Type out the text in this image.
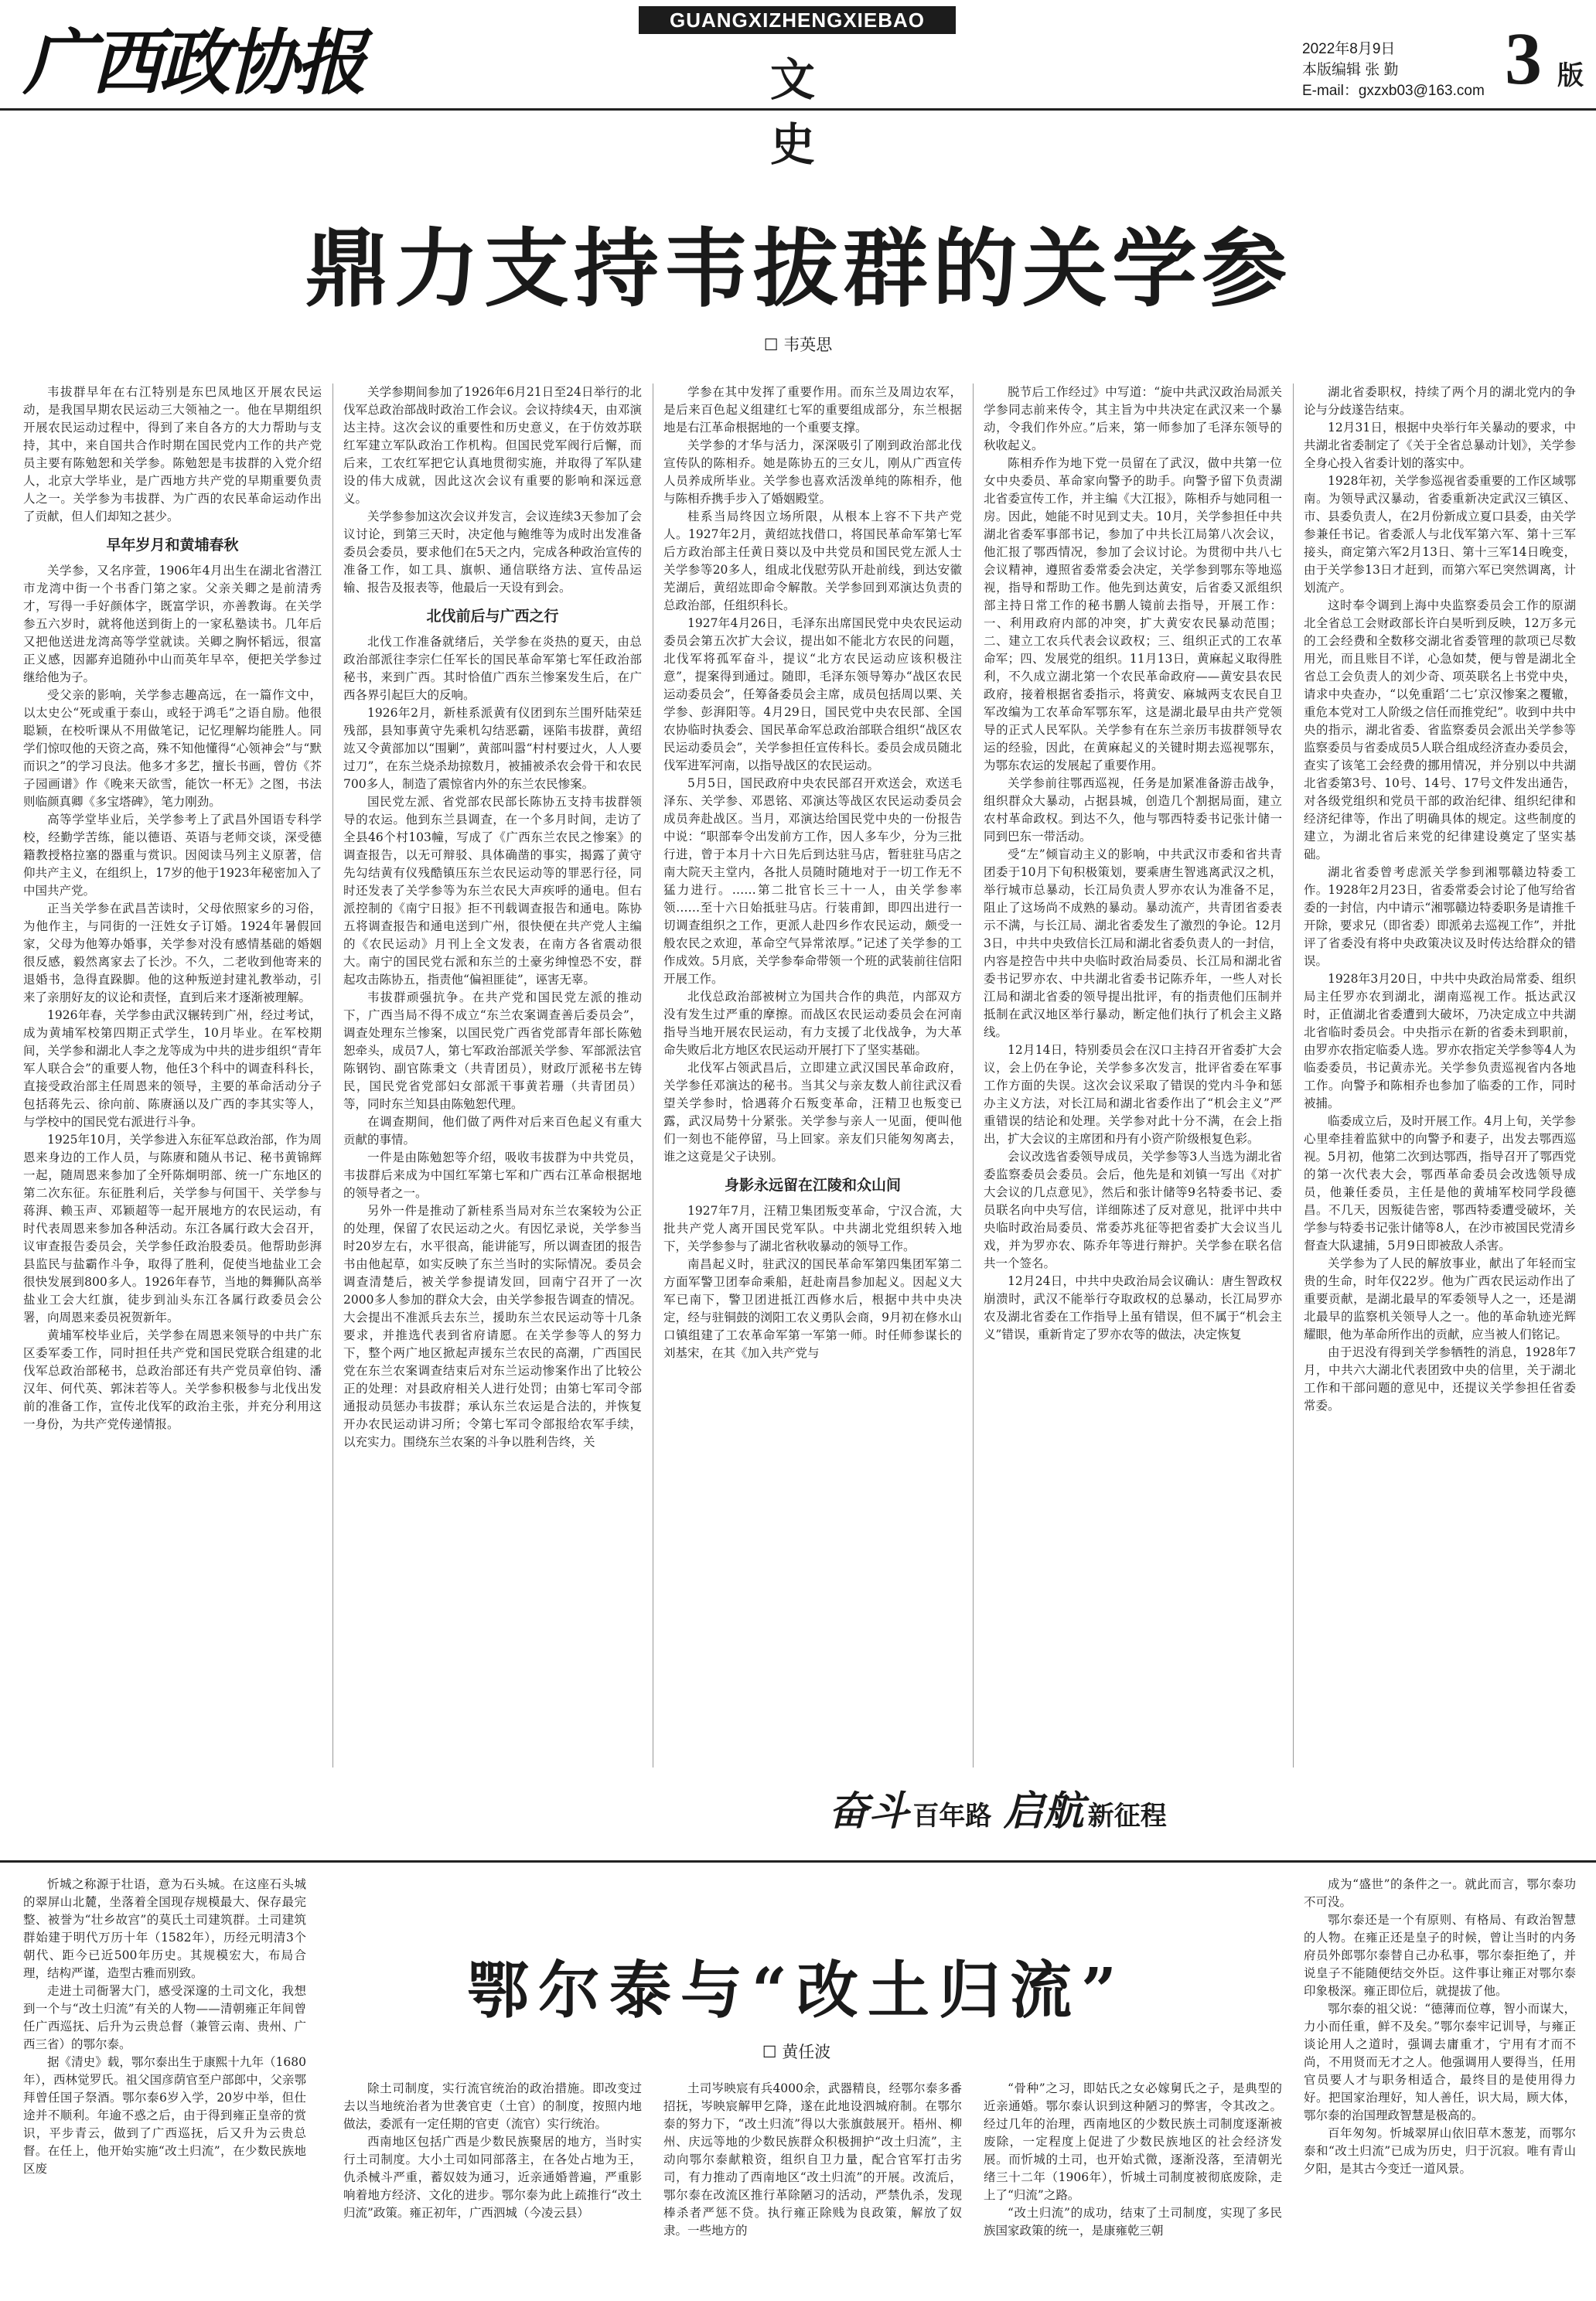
广西政协报
GUANGXIZHENGXIEBAO
文 史
2022年8月9日
本版编辑 张 勤
E-mail：gxzxb03@163.com 3 版
鼎力支持韦拔群的关学参
☐ 韦英思

韦拔群早年在右江特别是东巴凤地区开展农民运动，是我国早期农民运动三大领袖之一。他在早期组织开展农民运动过程中，得到了来自各方的大力帮助与支持，其中，来自国共合作时期在国民党内工作的共产党员主要有陈勉恕和关学参。陈勉恕是韦拔群的入党介绍人，北京大学毕业，是广西地方共产党的早期重要负责人之一。关学参为韦拔群、为广西的农民革命运动作出了贡献，但人们却知之甚少。

早年岁月和黄埔春秋

关学参，又名序萱，1906年4月出生在湖北省潜江市龙湾中街一个书香门第之家。父亲关卿之是前清秀才，写得一手好颜体字，既富学识，亦善教诲。在关学参五六岁时，就将他送到街上的一家私塾读书。几年后又把他送进龙湾高等学堂就读。关卿之胸怀韬远，很富正义感，因鄙弃追随孙中山而英年早卒，便把关学参过继给他为子。

受父亲的影响，关学参志趣高远，在一篇作文中，以太史公“死或重于泰山，或轻于鸿毛”之语自励。他很聪颖，在校听课从不用做笔记，记忆理解均能胜人。同学们惊叹他的天资之高，殊不知他懂得“心领神会”与“默而识之”的学习良法。他多才多艺，擅长书画，曾仿《芥子园画谱》作《晚来天欲雪，能饮一杯无》之图，书法则临颜真卿《多宝塔碑》，笔力刚劲。

高等学堂毕业后，关学参考上了武昌外国语专科学校，经勤学苦练，能以德语、英语与老师交谈，深受德籍教授格拉塞的器重与赏识。因阅读马列主义原著，信仰共产主义，在组织上，17岁的他于1923年秘密加入了中国共产党。

正当关学参在武昌苦读时，父母依照家乡的习俗，为他作主，与同街的一汪姓女子订婚。1924年暑假回家，父母为他筹办婚事，关学参对没有感情基础的婚姻很反感，毅然离家去了长沙。不久，二老收到他寄来的退婚书，急得直跺脚。他的这种叛逆封建礼教举动，引来了亲朋好友的议论和责怪，直到后来才逐渐被理解。

1926年春，关学参由武汉辗转到广州，经过考试，成为黄埔军校第四期正式学生，10月毕业。在军校期间，关学参和湖北人李之龙等成为中共的进步组织“青年军人联合会”的重要人物，他任3个科中的调查科科长，直接受政治部主任周恩来的领导，主要的革命活动分子包括蒋先云、徐向前、陈赓涵以及广西的李其实等人，与学校中的国民党右派进行斗争。

1925年10月，关学参进入东征军总政治部，作为周恩来身边的工作人员，与陈赓和随从书记、秘书黄锦辉一起，随周恩来参加了全歼陈炯明部、统一广东地区的第二次东征。东征胜利后，关学参与何国干、关学参与蒋湃、赖玉声、邓颖超等一起开展地方的农民运动，有时代表周恩来参加各种活动。东江各属行政大会召开，议审查报告委员会，关学参任政治股委员。他帮助彭湃县监民与盐霸作斗争，取得了胜利，促使当地盐业工会很快发展到800多人。1926年春节，当地的舞狮队高举盐业工会大红旗，徒步到汕头东江各属行政委员会公署，向周恩来委员祝贺新年。

黄埔军校毕业后，关学参在周恩来领导的中共广东区委军委工作，同时担任共产党和国民党联合组建的北伐军总政治部秘书，总政治部还有共产党员章伯钧、潘汉年、何代英、郭沫若等人。关学参积极参与北伐出发前的准备工作，宣传北伐军的政治主张，并充分利用这一身份，为共产党传递情报。

关学参期间参加了1926年6月21日至24日举行的北伐军总政治部战时政治工作会议。会议持续4天，由邓演达主持。这次会议的重要性和历史意义，在于仿效苏联红军建立军队政治工作机构。但国民党军阀行后懈，而后来，工农红军把它认真地贯彻实施，并取得了军队建设的伟大成就，因此这次会议有重要的影响和深远意义。

关学参参加这次会议并发言，会议连续3天参加了会议讨论，到第三天时，决定他与鲍维等为成时出发准备委员会委员，要求他们在5天之内，完成各种政治宣传的准备工作，如工具、旗帜、通信联络方法、宣传品运输、报告及报表等，他最后一天设有到会。

北伐前后与广西之行

北伐工作准备就绪后，关学参在炎热的夏天，由总政治部派往李宗仁任军长的国民革命军第七军任政治部秘书，来到广西。其时恰值广西东兰惨案发生后，在广西各界引起巨大的反响。

1926年2月，新桂系派黄有仪团到东兰围歼陆荣廷残部，县知事黄守先乘机勾结恶霸，诬陷韦拔群，黄绍竑又令黄部加以“围剿”，黄部叫嚣“村村要过火，人人要过刀”，在东兰烧杀劫掠数月，被捕被杀农会骨干和农民700多人，制造了震惊省内外的东兰农民惨案。

国民党左派、省党部农民部长陈协五支持韦拔群领导的农运。他到东兰县调查，在一个多月时间，走访了全县46个村103幢，写成了《广西东兰农民之惨案》的调查报告，以无可辩驳、具体确凿的事实，揭露了黄守先勾结黄有仪残酷镇压东兰农民运动等的罪恶行径，同时还发表了关学参等为东兰农民大声疾呼的通电。但右派控制的《南宁日报》拒不刊载调查报告和通电。陈协五将调查报告和通电送到广州，很快便在共产党人主编的《农民运动》月刊上全文发表，在南方各省震动很大。南宁的国民党右派和东兰的土豪劣绅惶恐不安，群起攻击陈协五，指责他“偏袒匪徒”，诬害无辜。

韦拔群顽强抗争。在共产党和国民党左派的推动下，广西当局不得不成立“东兰农案调查善后委员会”，调查处理东兰惨案，以国民党广西省党部青年部长陈勉恕牵头，成员7人，第七军政治部派关学参、军部派法官陈钢钧、副官陈秉文（共青团员），财政厅派秘书左铸民，国民党省党部妇女部派干事黄若珊（共青团员）等，同时东兰知县由陈勉恕代理。

在调查期间，他们做了两件对后来百色起义有重大贡献的事情。

一件是由陈勉恕等介绍，吸收韦拔群为中共党员，韦拔群后来成为中国红军第七军和广西右江革命根据地的领导者之一。

另外一件是推动了新桂系当局对东兰农案较为公正的处理，保留了农民运动之火。有因忆录说，关学参当时20岁左右，水平很高，能讲能写，所以调查团的报告书由他起草，如实反映了东兰当时的实际情况。委员会调查清楚后，被关学参提请发回，回南宁召开了一次2000多人参加的群众大会，由关学参报告调查的情况。大会提出不准派兵去东兰，援助东兰农民运动等十几条要求，并推选代表到省府请愿。在关学参等人的努力下，整个两广地区掀起声援东兰农民的高潮，广西国民党在东兰农案调查结束后对东兰运动惨案作出了比较公正的处理：对县政府相关人进行处罚；由第七军司令部通报动员惩办韦拔群；承认东兰农运是合法的，并恢复开办农民运动讲习所；令第七军司令部报给农军手续，以充实力。围绕东兰农案的斗争以胜利告终，关

学参在其中发挥了重要作用。而东兰及周边农军，是后来百色起义组建红七军的重要组成部分，东兰根据地是右江革命根据地的一个重要支撑。

关学参的才华与活力，深深吸引了刚到政治部北伐宣传队的陈相乔。她是陈协五的三女儿，刚从广西宣传人员养成所毕业。关学参也喜欢活泼单纯的陈相乔，他与陈相乔携手步入了婚姻殿堂。

桂系当局终因立场所限，从根本上容不下共产党人。1927年2月，黄绍竑找借口，将国民革命军第七军后方政治部主任黄日葵以及中共党员和国民党左派人士关学参等20多人，组成北伐慰劳队开赴前线，到达安徽芜湖后，黄绍竑即命令解散。关学参回到邓演达负责的总政治部，任组织科长。

1927年4月26日，毛泽东出席国民党中央农民运动委员会第五次扩大会议，提出如不能北方农民的问题，北伐军将孤军奋斗，提议“北方农民运动应该积极注意”，提案得到通过。随即，毛泽东领导筹办“战区农民运动委员会”，任筹备委员会主席，成员包括周以栗、关学参、彭湃阳等。4月29日，国民党中央农民部、全国农协临时执委会、国民革命军总政治部联合组织“战区农民运动委员会”，关学参担任宣传科长。委员会成员随北伐军进军河南，以指导战区的农民运动。

5月5日，国民政府中央农民部召开欢送会，欢送毛泽东、关学参、邓恩铭、邓演达等战区农民运动委员会成员奔赴战区。当月，邓演达给国民党中央的一份报告中说：“职部奉令出发前方工作，因人多车少，分为三批行进，曾于本月十六日先后到达驻马店，暂驻驻马店之南大院天主堂内，各批人员随时随地对于一切工作无不猛力进行。……第二批官长三十一人，由关学参率领……至十六日始抵驻马店。行装甫卸，即四出进行一切调查组织之工作，更派人赴四乡作农民运动，颇受一般农民之欢迎，革命空气异常浓厚。”记述了关学参的工作成效。5月底，关学参奉命带领一个班的武装前往信阳开展工作。

北伐总政治部被树立为国共合作的典范，内部双方没有发生过严重的摩擦。而战区农民运动委员会在河南指导当地开展农民运动，有力支援了北伐战争，为大革命失败后北方地区农民运动开展打下了坚实基础。

北伐军占领武昌后，立即建立武汉国民革命政府，关学参任邓演达的秘书。当其父与亲友数人前往武汉看望关学参时，恰遇蒋介石叛变革命，汪精卫也叛变已露，武汉局势十分紧张。关学参与亲人一见面，便叫他们一刻也不能停留，马上回家。亲友们只能匆匆离去，谁之这竟是父子诀别。

身影永远留在江陵和众山间

1927年7月，汪精卫集团叛变革命，宁汉合流，大批共产党人离开国民党军队。中共湖北党组织转入地下，关学参参与了湖北省秋收暴动的领导工作。

南昌起义时，驻武汉的国民革命军第四集团军第二方面军警卫团奉命乘船，赶赴南昌参加起义。因起义大军已南下，警卫团进抵江西修水后，根据中共中央决定，经与驻铜鼓的浏阳工农义勇队会商，9月初在修水山口镇组建了工农革命军第一军第一师。时任师参谋长的刘基宋，在其《加入共产党与

脱节后工作经过》中写道：“旋中共武汉政治局派关学参同志前来传令，其主旨为中共决定在武汉来一个暴动，令我们作外应。”后来，第一师参加了毛泽东领导的秋收起义。

陈相乔作为地下党一员留在了武汉，做中共第一位女中央委员、革命家向警予的助手。向警予留下负责湖北省委宣传工作，并主编《大江报》，陈相乔与她同租一房。因此，她能不时见到丈夫。10月，关学参担任中共湖北省委军事部书记，参加了中共长江局第八次会议，他汇报了鄂西情况，参加了会议讨论。为贯彻中共八七会议精神，遵照省委常委会决定，关学参到鄂东等地巡视，指导和帮助工作。他先到达黄安，后省委又派组织部主持日常工作的秘书鹏人镜前去指导，开展工作：一、利用政府内部的冲突，扩大黄安农民暴动范围；二、建立工农兵代表会议政权；三、组织正式的工农革命军；四、发展党的组织。11月13日，黄麻起义取得胜利，不久成立湖北第一个农民革命政府——黄安县农民政府，接着根据省委指示，将黄安、麻城两支农民自卫军改编为工农革命军鄂东军，这是湖北最早由共产党领导的正式人民军队。关学参有在东兰亲历韦拔群领导农运的经验，因此，在黄麻起义的关键时期去巡视鄂东，为鄂东农运的发展起了重要作用。

关学参前往鄂西巡视，任务是加紧准备游击战争，组织群众大暴动，占据县城，创造几个割据局面，建立农村革命政权。到达不久，他与鄂西特委书记张计储一同到巴东一带活动。

受“左”倾盲动主义的影响，中共武汉市委和省共青团委于10月下旬积极策划，要乘唐生智逃离武汉之机，举行城市总暴动，长江局负责人罗亦农认为准备不足，阻止了这场尚不成熟的暴动。暴动流产，共青团省委表示不满，与长江局、湖北省委发生了激烈的争论。12月3日，中共中央致信长江局和湖北省委负责人的一封信，内容是控告中共中央临时政治局委员、长江局和湖北省委书记罗亦农、中共湖北省委书记陈乔年，一些人对长江局和湖北省委的领导提出批评，有的指责他们压制并抵制在武汉地区举行暴动，断定他们执行了机会主义路线。

12月14日，特别委员会在汉口主持召开省委扩大会议，会上仍在争论，关学参多次发言，批评省委在军事工作方面的失误。这次会议采取了错误的党内斗争和惩办主义方法，对长江局和湖北省委作出了“机会主义”严重错误的结论和处理。关学参对此十分不满，在会上指出，扩大会议的主席团和丹有小资产阶级根复色彩。

会议改选省委领导成员，关学参等3人当选为湖北省委监察委员会委员。会后，他先是和刘镇一写出《对扩大会议的几点意见》，然后和张计储等9名特委书记、委员联名向中央写信，详细陈述了反对意见，批评中共中央临时政治局委员、常委苏兆征等把省委扩大会议当儿戏，并为罗亦农、陈乔年等进行辩护。关学参在联名信共一个签名。

12月24日，中共中央政治局会议确认：唐生智政权崩溃时，武汉不能举行夺取政权的总暴动，长江局罗亦农及湖北省委在工作指导上虽有错误，但不属于“机会主义”错误，重新肯定了罗亦农等的做法，决定恢复

湖北省委职权，持续了两个月的湖北党内的争论与分歧遂告结束。

12月31日，根据中央举行年关暴动的要求，中共湖北省委制定了《关于全省总暴动计划》，关学参全身心投入省委计划的落实中。

1928年初，关学参巡视省委重要的工作区域鄂南。为领导武汉暴动，省委重新决定武汉三镇区、市、县委负责人，在2月份新成立夏口县委，由关学参兼任书记。省委派人与北伐军第六军、第十三军接头，商定第六军2月13日、第十三军14日晚变，由于关学参13日才赶到，而第六军已突然调离，计划流产。

这时奉令调到上海中央监察委员会工作的原湖北全省总工会财政部长许白昊听到反映，12万多元的工会经费和全数移交湖北省委管理的款项已尽数用光，而且账目不详，心急如焚，便与曾是湖北全省总工会负责人的刘少奇、项英联名上书党中央，请求中央查办，“以免重蹈‘二七’京汉惨案之覆辙，重危本党对工人阶级之信任而推党纪”。收到中共中央的指示，湖北省委、省监察委员会派出关学参等监察委员与省委成员5人联合组成经济查办委员会，查实了该笔工会经费的挪用情况，并分别以中共湖北省委第3号、10号、14号、17号文件发出通告，对各级党组织和党员干部的政治纪律、组织纪律和经济纪律等，作出了明确具体的规定。这些制度的建立，为湖北省后来党的纪律建设奠定了坚实基础。

湖北省委曾考虑派关学参到湘鄂赣边特委工作。1928年2月23日，省委常委会讨论了他写给省委的一封信，内中请示“湘鄂赣边特委职务是请推千开除，要求兄（即省委）即派弟去巡视工作”，并批评了省委没有将中央政策决议及时传达给群众的错误。

1928年3月20日，中共中央政治局常委、组织局主任罗亦农到湖北，湖南巡视工作。抵达武汉时，正值湖北省委遭到大破坏，乃决定成立中共湖北省临时委员会。中央指示在新的省委未到职前，由罗亦农指定临委人选。罗亦农指定关学参等4人为临委委员，书记黄赤光。关学参负责巡视省内各地工作。向警予和陈相乔也参加了临委的工作，同时被捕。

临委成立后，及时开展工作。4月上旬，关学参心里牵挂着监狱中的向警予和妻子，出发去鄂西巡视。5月初，他第二次到达鄂西，指导召开了鄂西党的第一次代表大会，鄂西革命委员会改选领导成员，他兼任委员，主任是他的黄埔军校同学段德昌。不几天，因叛徒告密，鄂西特委遭受破坏，关学参与特委书记张计储等8人，在沙市被国民党清乡督查大队逮捕，5月9日即被敌人杀害。

关学参为了人民的解放事业，献出了年轻而宝贵的生命，时年仅22岁。他为广西农民运动作出了重要贡献，是湖北最早的军委领导人之一，还是湖北最早的监察机关领导人之一。他的革命轨迹光辉耀眼，他为革命所作出的贡献，应当被人们铭记。

由于迟没有得到关学参牺牲的消息，1928年7月，中共六大湖北代表团致中央的信里，关于湖北工作和干部问题的意见中，还提议关学参担任省委常委。

奋斗 百年路 启航 新征程

忻城之称源于壮语，意为石头城。在这座石头城的翠屏山北麓，坐落着全国现存规模最大、保存最完整、被誉为“壮乡故宫”的莫氏土司建筑群。土司建筑群始建于明代万历十年（1582年），历经元明清3个朝代、距今已近500年历史。其规模宏大，布局合理，结构严谨，造型古雅而别致。

走进土司衙署大门，感受深邃的土司文化，我想到一个与“改土归流”有关的人物——清朝雍正年间曾任广西巡抚、后升为云贵总督（兼管云南、贵州、广西三省）的鄂尔泰。

据《清史》载，鄂尔泰出生于康熙十九年（1680年），西林觉罗氏。祖父国彦荫官至户部郎中，父亲鄂拜曾任国子祭酒。鄂尔泰6岁入学，20岁中举，但仕途并不顺利。年逾不惑之后，由于得到雍正皇帝的赏识，平步青云，做到了广西巡抚，后又升为云贵总督。在任上，他开始实施“改土归流”，在少数民族地区废

鄂尔泰与“改土归流”
☐ 黄任波

除土司制度，实行流官统治的政治措施。即改变过去以当地统治者为世袭官吏（土官）的制度，按照内地做法，委派有一定任期的官吏（流官）实行统治。

西南地区包括广西是少数民族聚居的地方，当时实行土司制度。大小土司如同部落主，在各处占地为王，仇杀械斗严重，蓄奴妓为通习，近亲通婚普遍，严重影响着地方经济、文化的进步。鄂尔泰为此上疏推行“改土归流”政策。雍正初年，广西泗城（今凌云县）

土司岑映宸有兵4000余，武器精良，经鄂尔泰多番招抚，岑映宸解甲乞降，遂在此地设泗城府制。在鄂尔泰的努力下，“改土归流”得以大张旗鼓展开。梧州、柳州、庆远等地的少数民族群众积极拥护“改土归流”，主动向鄂尔泰献粮资，组织自卫力量，配合官军打击劣司，有力推动了西南地区“改土归流”的开展。改流后，鄂尔泰在改流区推行革除陋习的活动，严禁仇杀，发现棒杀者严惩不贷。执行雍正除贱为良政策，解放了奴隶。一些地方的

“骨种”之习，即姑氏之女必嫁舅氏之子，是典型的近亲通婚。鄂尔泰认识到这种陋习的弊害，令其改之。经过几年的治理，西南地区的少数民族土司制度逐渐被废除，一定程度上促进了少数民族地区的社会经济发展。而忻城的土司，也开始式微，逐渐没落，至清朝光绪三十二年（1906年），忻城土司制度被彻底废除，走上了“归流”之路。

“改土归流”的成功，结束了土司制度，实现了多民族国家政策的统一，是康雍乾三朝

成为“盛世”的条件之一。就此而言，鄂尔泰功不可没。

鄂尔泰还是一个有原则、有格局、有政治智慧的人物。在雍正还是皇子的时候，曾让当时的内务府员外郎鄂尔泰替自己办私事，鄂尔泰拒绝了，并说皇子不能随便结交外臣。这件事让雍正对鄂尔泰印象极深。雍正即位后，就提拔了他。

鄂尔泰的祖父说：“德薄而位尊，智小而谋大，力小而任重，鲜不及矣。”鄂尔泰牢记训导，与雍正谈论用人之道时，强调去庸重才，宁用有才而不尚，不用贤而无才之人。他强调用人要得当，任用官员要人才与职务相适合，最终目的是使用得力好。把国家治理好，知人善任，识大局，顾大体，鄂尔泰的治国理政智慧是极高的。

百年匆匆。忻城翠屏山依旧草木葱茏，而鄂尔泰和“改土归流”已成为历史，归于沉寂。唯有青山夕阳，是其古今变迁一道风景。
